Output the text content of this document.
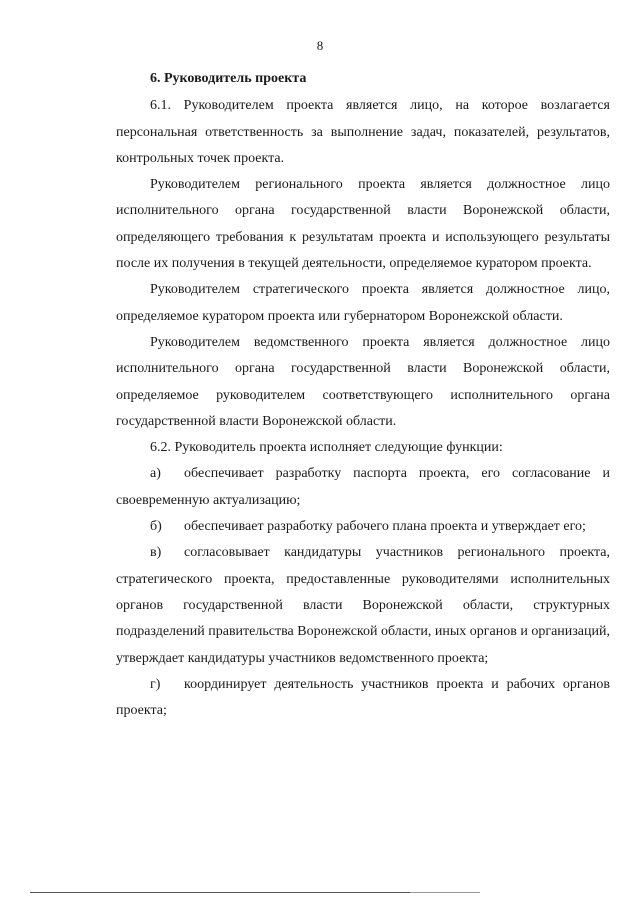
8

6. Руководитель проекта

6.1. Руководителем проекта является лицо, на которое возлагается персональная ответственность за выполнение задач, показателей, результатов, контрольных точек проекта.

Руководителем регионального проекта является должностное лицо исполнительного органа государственной власти Воронежской области, определяющего требования к результатам проекта и использующего результаты после их получения в текущей деятельности, определяемое куратором проекта.

Руководителем стратегического проекта является должностное лицо, определяемое куратором проекта или губернатором Воронежской области.

Руководителем ведомственного проекта является должностное лицо исполнительного органа государственной власти Воронежской области, определяемое руководителем соответствующего исполнительного органа государственной власти Воронежской области.

6.2. Руководитель проекта исполняет следующие функции:

а) обеспечивает разработку паспорта проекта, его согласование и своевременную актуализацию;

б) обеспечивает разработку рабочего плана проекта и утверждает его;

в) согласовывает кандидатуры участников регионального проекта, стратегического проекта, предоставленные руководителями исполнительных органов государственной власти Воронежской области, структурных подразделений правительства Воронежской области, иных органов и организаций, утверждает кандидатуры участников ведомственного проекта;

г) координирует деятельность участников проекта и рабочих органов проекта;
